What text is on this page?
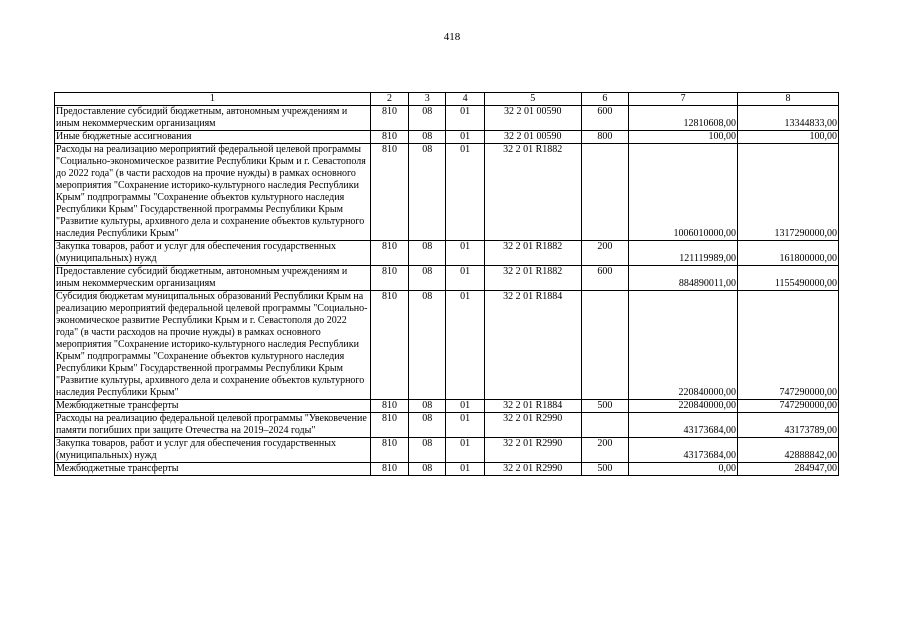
418
1	2	3	4	5	6	7	8
Предоставление субсидий бюджетным, автономным учреждениям и иным некоммерческим организациям	810	08	01	32 2 01 00590	600	12810608,00	13344833,00
Иные бюджетные ассигнования	810	08	01	32 2 01 00590	800	100,00	100,00
Расходы на реализацию мероприятий федеральной целевой программы "Социально-экономическое развитие Республики Крым и г. Севастополя до 2022 года" (в части расходов на прочие нужды) в рамках основного мероприятия "Сохранение историко-культурного наследия Республики Крым" подпрограммы "Сохранение объектов культурного наследия Республики Крым" Государственной программы Республики Крым "Развитие культуры, архивного дела и сохранение объектов культурного наследия Республики Крым"	810	08	01	32 2 01 R1882		1006010000,00	1317290000,00
Закупка товаров, работ и услуг для обеспечения государственных (муниципальных) нужд	810	08	01	32 2 01 R1882	200	121119989,00	161800000,00
Предоставление субсидий бюджетным, автономным учреждениям и иным некоммерческим организациям	810	08	01	32 2 01 R1882	600	884890011,00	1155490000,00
Субсидия бюджетам муниципальных образований Республики Крым на реализацию мероприятий федеральной целевой программы "Социально-экономическое развитие Республики Крым и г. Севастополя до 2022 года" (в части расходов на прочие нужды) в рамках основного мероприятия "Сохранение историко-культурного наследия Республики Крым" подпрограммы "Сохранение объектов культурного наследия Республики Крым" Государственной программы Республики Крым "Развитие культуры, архивного дела и сохранение объектов культурного наследия Республики Крым"	810	08	01	32 2 01 R1884		220840000,00	747290000,00
Межбюджетные трансферты	810	08	01	32 2 01 R1884	500	220840000,00	747290000,00
Расходы на реализацию федеральной целевой программы "Увековечение памяти погибших при защите Отечества на 2019–2024 годы"	810	08	01	32 2 01 R2990		43173684,00	43173789,00
Закупка товаров, работ и услуг для обеспечения государственных (муниципальных) нужд	810	08	01	32 2 01 R2990	200	43173684,00	42888842,00
Межбюджетные трансферты	810	08	01	32 2 01 R2990	500	0,00	284947,00
